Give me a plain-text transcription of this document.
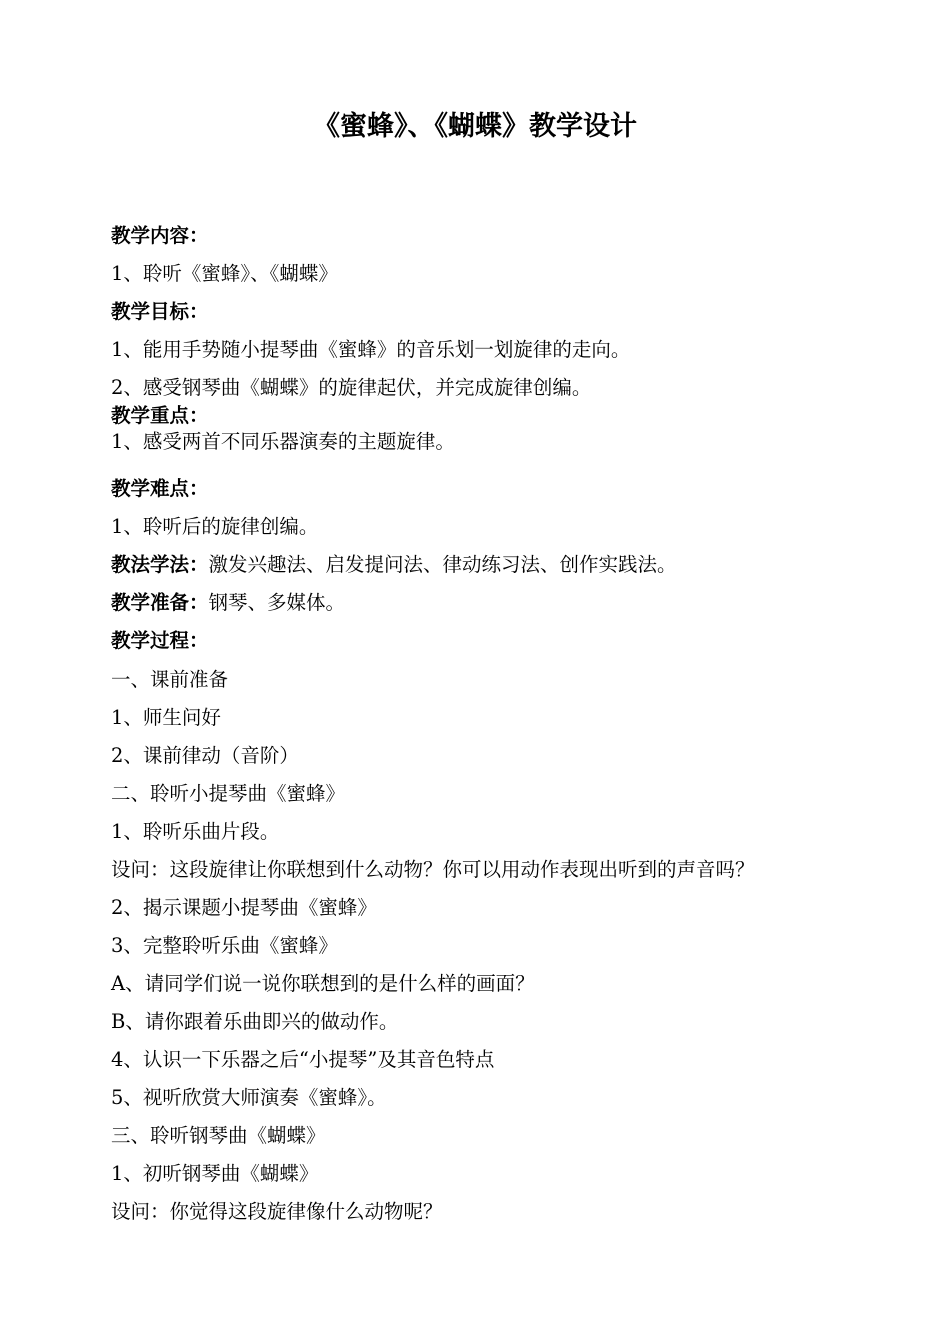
《蜜蜂》、《蝴蝶》教学设计
教学内容：
1、聆听《蜜蜂》、《蝴蝶》
教学目标：
1、能用手势随小提琴曲《蜜蜂》的音乐划一划旋律的走向。
2、感受钢琴曲《蝴蝶》的旋律起伏，并完成旋律创编。
教学重点：
1、感受两首不同乐器演奏的主题旋律。
教学难点：
1、聆听后的旋律创编。
教法学法：激发兴趣法、启发提问法、律动练习法、创作实践法。
教学准备：钢琴、多媒体。
教学过程：
一、课前准备
1、师生问好
2、课前律动（音阶）
二、聆听小提琴曲《蜜蜂》
1、聆听乐曲片段。
设问：这段旋律让你联想到什么动物？你可以用动作表现出听到的声音吗？
2、揭示课题小提琴曲《蜜蜂》
3、完整聆听乐曲《蜜蜂》
A、请同学们说一说你联想到的是什么样的画面？
B、请你跟着乐曲即兴的做动作。
4、认识一下乐器之后“小提琴”及其音色特点
5、视听欣赏大师演奏《蜜蜂》。
三、聆听钢琴曲《蝴蝶》
1、初听钢琴曲《蝴蝶》
设问：你觉得这段旋律像什么动物呢？
